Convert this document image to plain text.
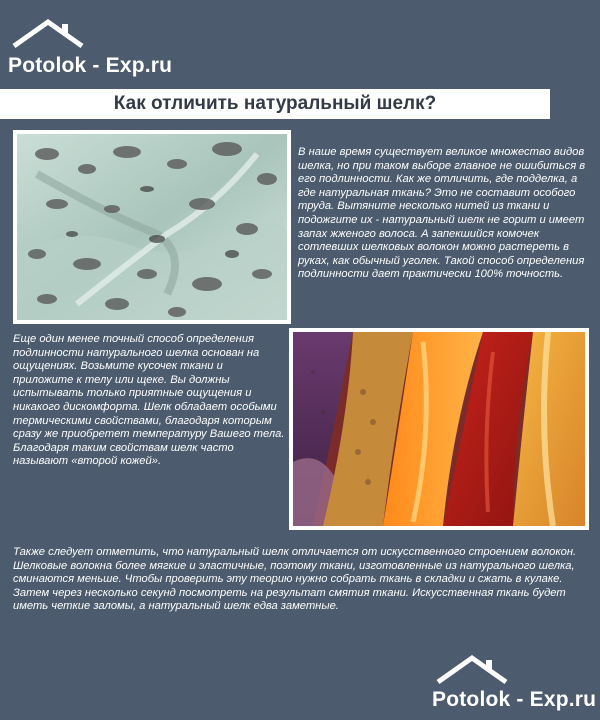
Potolok - Exp.ru
Как отличить натуральный шелк?
В наше время существует великое множество видов шелка, но при таком выборе главное не ошибиться в его подлинности. Как же отличить, где подделка, а где натуральная ткань? Это не составит особого труда. Вытяните несколько нитей из ткани и подожгите их - натуральный шелк не горит и имеет запах жженого волоса. А запекшийся комочек сотлевших шелковых волокон можно растереть в руках, как обычный уголек. Такой способ определения подлинности дает практически 100% точность.
Еще один менее точный способ определения подлинности натурального шелка основан на ощущениях. Возьмите кусочек ткани и приложите к телу или щеке. Вы должны испытывать только приятные ощущения и никакого дискомфорта. Шелк обладает особыми термическими свойствами, благодаря которым сразу же приобретет температуру Вашего тела. Благодаря таким свойствам шелк часто называют «второй кожей».
Также следует отметить, что натуральный шелк отличается от искусственного строением волокон. Шелковые волокна более мягкие и эластичные, поэтому ткани, изготовленные из натурального шелка, сминаются меньше. Чтобы проверить эту теорию нужно собрать ткань в складки и сжать в кулаке. Затем через несколько секунд посмотреть на результат смятия ткани. Искусственная ткань будет иметь четкие заломы, а натуральный шелк едва заметные.
Potolok - Exp.ru
